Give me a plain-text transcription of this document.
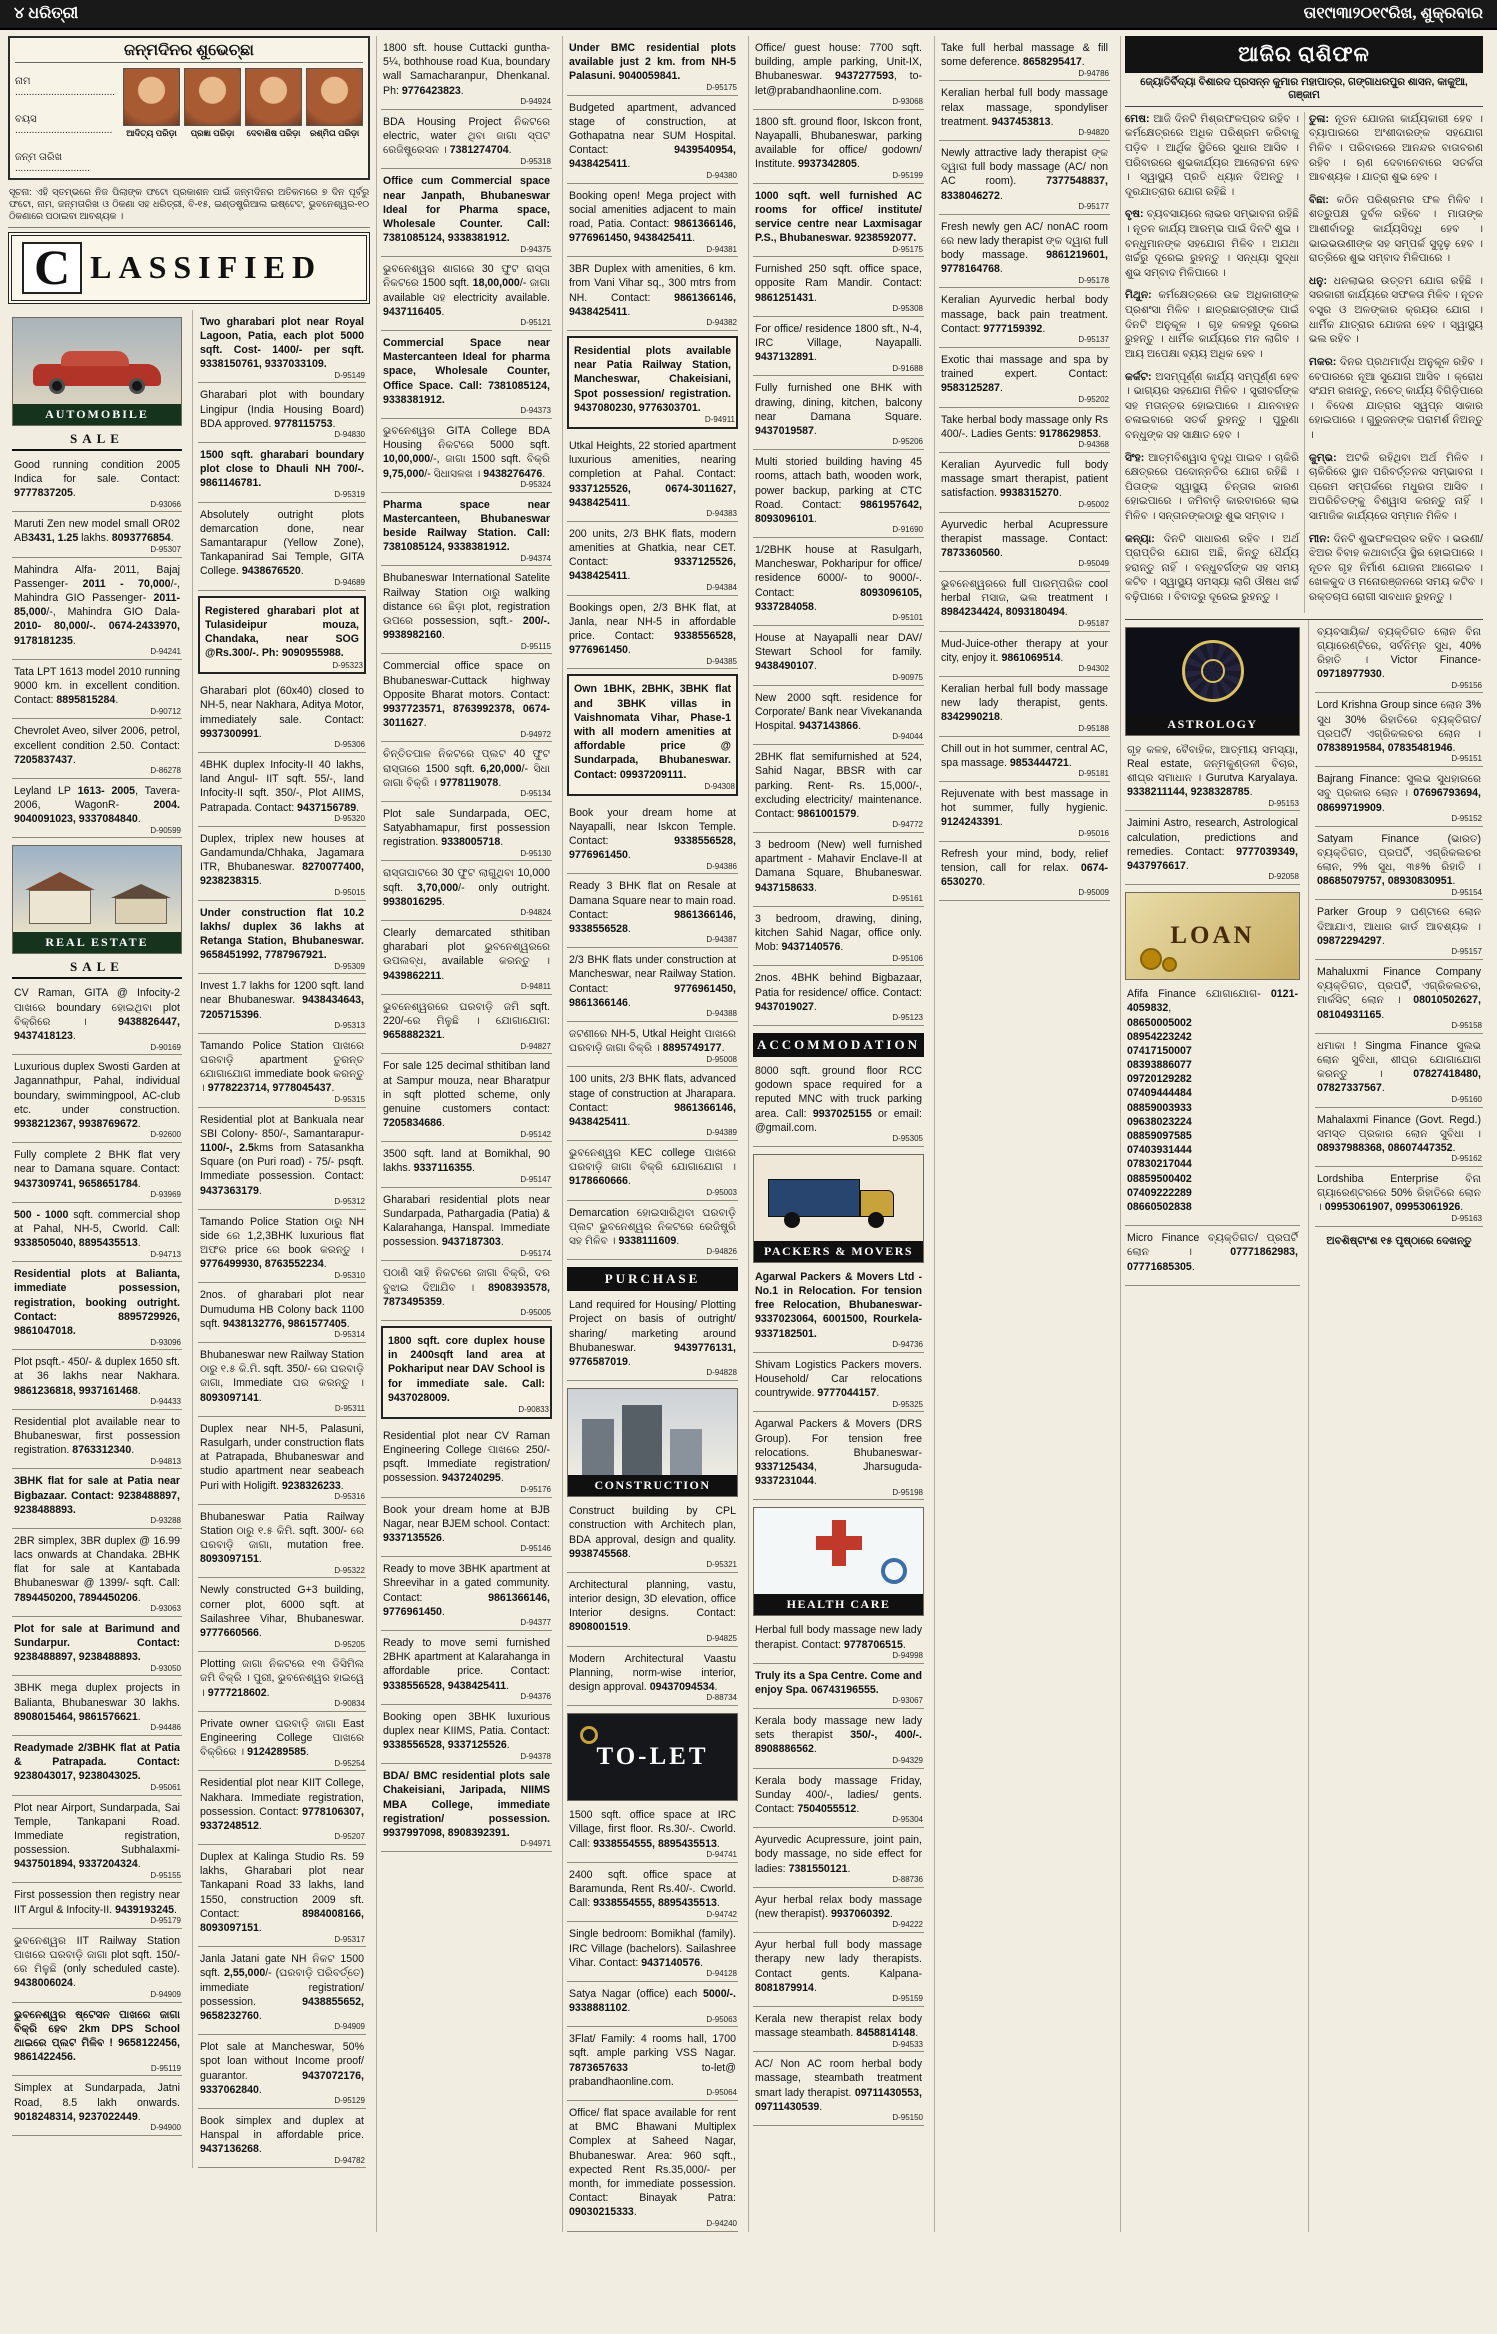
୪ ଧରିତ୍ରୀ	ତା୧୯ା୩ା୨୦୧୯ରିଖ, ଶୁକ୍ରବାର
ଜନ୍ମଦିନର ଶୁଭେଚ୍ଛା
ନାମ ....................................
ବୟସ ...................................
ଜନ୍ମ ତାରିଖ ...........................
ଆଦିତ୍ୟ ପରିଡ଼ା	ପ୍ରଜ୍ଞା ପରିଡ଼ା	ଦେବାଶିଷ ପରିଡ଼ା	ରଶ୍ମିତା ପରିଡ଼ା

ସୂଚନା: ଏହି ସ୍ତମ୍ଭରେ ନିଜ ପିଲାଙ୍କ ଫଟୋ ପ୍ରକାଶନ ପାଇଁ ଜନ୍ମଦିନର ଅତିକମରେ ୭ ଦିନ ପୂର୍ବରୁ ଫଟୋ, ନାମ, ଜନ୍ମତାରିଖ ଓ ଠିକଣା ସହ ଧରିତ୍ରୀ, ବି-୧୫, ଇଣ୍ଡଷ୍ଟ୍ରିଆଲ ଇଷ୍ଟେଟ, ଭୁବନେଶ୍ୱର-୧୦ ଠିକଣାରେ ପଠାଇବା ଆବଶ୍ୟକ ।

C LASSIFIED
AUTOMOBILE
SALE
Good running condition 2005 Indica for sale. Contact: 9777837205.
D-93066
Maruti Zen new model small OR02 AB3431, 1.25 lakhs. 8093776854.
D-95307
Mahindra Alfa- 2011, Bajaj Passenger- 2011 - 70,000/-, Mahindra GIO Passenger- 2011- 85,000/-, Mahindra GIO Dala- 2010- 80,000/-. 0674-2433970, 9178181235.
D-94241
Tata LPT 1613 model 2010 running 9000 km. in excellent condition. Contact: 8895815284.
D-90712
Chevrolet Aveo, silver 2006, petrol, excellent condition 2.50. Contact: 7205837437.
D-86278
Leyland LP 1613- 2005, Tavera- 2006, WagonR- 2004. 9040091023, 9337084840.
D-90599
REAL ESTATE
SALE
CV Raman, GITA @ Infocity-2 ପାଖରେ boundary ହୋଇଥିବା plot ବିକ୍ରିରେ । 9438826447, 9437418123.
D-90169
Luxurious duplex Swosti Garden at Jagannathpur, Pahal, individual boundary, swimmingpool, AC-club etc. under construction. 9938212367, 9938769672.
D-92600
Fully complete 2 BHK flat very near to Damana square. Contact: 9437309741, 9658651784.
D-93969
500 - 1000 sqft. commercial shop at Pahal, NH-5, Cworld. Call: 9338505040, 8895435513.
D-94713
Residential plots at Balianta, immediate possession, registration, booking outright. Contact: 8895729926, 9861047018.
D-93096
Plot psqft.- 450/- & duplex 1650 sft. at 36 lakhs near Nakhara. 9861236818, 9937161468.
D-94433
Residential plot available near to Bhubaneswar, first possession registration. 8763312340.
D-94813
3BHK flat for sale at Patia near Bigbazaar. Contact: 9238488897, 9238488893.
D-93288
2BR simplex, 3BR duplex @ 16.99 lacs onwards at Chandaka. 2BHK flat for sale at Kantabada Bhubaneswar @ 1399/- sqft. Call: 7894450200, 7894450206.
D-93063
Plot for sale at Barimund and Sundarpur. Contact: 9238488897, 9238488893.
D-93050
3BHK mega duplex projects in Balianta, Bhubaneswar 30 lakhs. 8908015464, 9861576621.
D-94486
Readymade 2/3BHK flat at Patia & Patrapada. Contact: 9238043017, 9238043025.
D-95061
Plot near Airport, Sundarpada, Sai Temple, Tankapani Road. Immediate registration, possession. Subhalaxmi- 9437501894, 9337204324.
D-95155
First possession then registry near IIT Argul & Infocity-II. 9439193245.
D-95179
ଭୁବନେଶ୍ୱର IIT Railway Station ପାଖରେ ଘରବାଡ଼ି ଜାଗା plot sqft. 150/- ରେ ମିଳୁଛି (only scheduled caste). 9438006024.
D-94909
ଭୁବନେଶ୍ୱର ଷ୍ଟେସନ ପାଖରେ ଜାଗା ବିକ୍ରି ହେବ 2km DPS School ଥାଇରେ ପ୍ଲଟ ମିଳିବ ! 9658122456, 9861422456.
D-95119
Simplex at Sundarpada, Jatni Road, 8.5 lakh onwards. 9018248314, 9237022449.
D-94900
Two gharabari plot near Royal Lagoon, Patia, each plot 5000 sqft. Cost- 1400/- per sqft. 9338150761, 9337033109.
D-95149
Gharabari plot with boundary Lingipur (India Housing Board) BDA approved. 9778115753.
D-94830
1500 sqft. gharabari boundary plot close to Dhauli NH 700/-. 9861146781.
D-95319
Absolutely outright plots demarcation done, near Samantarapur (Yellow Zone), Tankapanirad Sai Temple, GITA College. 9438676520.
D-94689
Registered gharabari plot at Tulasideipur mouza, Chandaka, near SOG @Rs.300/-. Ph: 9090955988.
D-95323
Gharabari plot (60x40) closed to NH-5, near Nakhara, Aditya Motor, immediately sale. Contact: 9937300991.
D-95306
4BHK duplex Infocity-II 40 lakhs, land Angul- IIT sqft. 55/-, land Infocity-II sqft. 350/-, Plot AIIMS, Patrapada. Contact: 9437156789.
D-95320
Duplex, triplex new houses at Gandamunda/Chhaka, Jagamara ITR, Bhubaneswar. 8270077400, 9238238315.
D-95015
Under construction flat 10.2 lakhs/ duplex 36 lakhs at Retanga Station, Bhubaneswar. 9658451992, 7787967921.
D-95309
Invest 1.7 lakhs for 1200 sqft. land near Bhubaneswar. 9438434643, 7205715396.
D-95313
Tamando Police Station ପାଖରେ ଘରବାଡ଼ି apartment ତୁରନ୍ତ ଯୋଗାଯୋଗ immediate book କରନ୍ତୁ । 9778223714, 9778045437.
D-95315
Residential plot at Bankuala near SBI Colony- 850/-, Samantarapur- 1100/-, 2.5kms from Satasankha Square (on Puri road) - 75/- psqft. Immediate possession. Contact: 9437363179.
D-95312
Tamando Police Station ଠାରୁ NH side ରେ 1,2,3BHK luxurious flat ଅଫର price ରେ book କରନ୍ତୁ । 9776499930, 8763552234.
D-95310
2nos. of gharabari plot near Dumuduma HB Colony back 1100 sqft. 9438132776, 9861577405.
D-95314
Bhubaneswar new Railway Station ଠାରୁ ୧.୫ କି.ମି. sqft. 350/- ରେ ଘରବାଡ଼ି ଜାଗା, Immediate ଘର କରନ୍ତୁ । 8093097141.
D-95311
Duplex near NH-5, Palasuni, Rasulgarh, under construction flats at Patrapada, Bhubaneswar and studio apartment near seabeach Puri with Holigift. 9238326233.
D-95316
Bhubaneswar Patia Railway Station ଠାରୁ ୧.୫ କିମି. sqft. 300/- ରେ ଘରବାଡ଼ି ଜାଗା, mutation free. 8093097151.
D-95322
Newly constructed G+3 building, corner plot, 6000 sqft. at Sailashree Vihar, Bhubaneswar. 9777660566.
D-95205
Plotting ଜାଗା ନିକଟରେ ୧୩ ଡିସିମିଲ ଜମି ବିକ୍ରି । ପୁରୀ, ଭୁବନେଶ୍ୱର ହାଇୱେ । 9777218602.
D-90834
Private owner ଘରବାଡ଼ି ଜାଗା East Engineering College ପାଖରେ ବିକ୍ରିରେ । 9124289585.
D-95254
Residential plot near KIIT College, Nakhara. Immediate registration, possession. Contact: 9778106307, 9337248512.
D-95207
Duplex at Kalinga Studio Rs. 59 lakhs, Gharabari plot near Tankapani Road 33 lakhs, land 1550, construction 2009 sft. Contact: 8984008166, 8093097151.
D-95317
Janla Jatani gate NH ନିକଟ 1500 sqft. 2,55,000/- (ଘରବାଡ଼ି ପରିବର୍ତ୍ତେ) immediate registration/ possession. 9438855652, 9658232760.
D-94909
Plot sale at Mancheswar, 50% spot loan without Income proof/ guarantor. 9437072176, 9337062840.
D-95129
Book simplex and duplex at Hanspal in affordable price. 9437136268.
D-94782
1800 sft. house Cuttacki guntha- 5¼, bothhouse road Kua, boundary wall Samacharanpur, Dhenkanal. Ph: 9776423823.
D-94924
BDA Housing Project ନିକଟରେ electric, water ଥିବା ଜାଗା ସ୍ପଟ ରେଜିଷ୍ଟ୍ରେସନ । 7381274704.
D-95318
Office cum Commercial space near Janpath, Bhubaneswar Ideal for Pharma space, Wholesale Counter. Call: 7381085124, 9338381912.
D-94375
ଭୁବନେଶ୍ୱର ଶାଗରେ 30 ଫୁଟ ରାସ୍ତା ନିକଟରେ 1500 sqft. 18,00,000/- ଜାଗା available ସହ electricity available. 9437116405.
D-95121
Commercial Space near Mastercanteen Ideal for pharma space, Wholesale Counter, Office Space. Call: 7381085124, 9338381912.
D-94373
ଭୁବନେଶ୍ୱର GITA College BDA Housing ନିକଟରେ 5000 sqft. 10,00,000/-, ଜାଗା 1500 sqft. ବିକ୍ରି 9,75,000/- ସିଧାସଳଖ । 9438276476.
D-95324
Pharma space near Mastercanteen, Bhubaneswar beside Railway Station. Call: 7381085124, 9338381912.
D-94374
Bhubaneswar International Satelite Railway Station ଠାରୁ walking distance ରେ ଛିଡ଼ା plot, registration ଉପରେ possession, sqft.- 200/-. 9938982160.
D-95115
Commercial office space on Bhubaneswar-Cuttack highway Opposite Bharat motors. Contact: 9937723571, 8763992378, 0674-3011627.
D-94972
ଚିନ୍ତିତପାଳ ନିକଟରେ ପ୍ଲଟ 40 ଫୁଟ ରାସ୍ତାରେ 1500 sqft. 6,20,000/- ସିଧା ଜାଗା ବିକ୍ରି । 9778119078.
D-95134
Plot sale Sundarpada, OEC, Satyabhamapur, first possession registration. 9338005718.
D-95130
ରାସ୍ତାଘାଟରେ 30 ଫୁଟ ଲାଗୁଥିବା 10,000 sqft. 3,70,000/- only outright. 9938016295.
D-94824
Clearly demarcated sthitiban gharabari plot ଭୁବନେଶ୍ୱରରେ ଉପଲବ୍ଧ, available କରନ୍ତୁ । 9439862211.
D-94811
ଭୁବନେଶ୍ୱରରେ ଘରବାଡ଼ି ଜମି sqft. 220/-ରେ ମିଳୁଛି । ଯୋଗାଯୋଗ: 9658882321.
D-94827
For sale 125 decimal sthitiban land at Sampur mouza, near Bharatpur in sqft plotted scheme, only genuine customers contact: 7205834686.
D-95142
3500 sqft. land at Bomikhal, 90 lakhs. 9337116355.
D-95147
Gharabari residential plots near Sundarpada, Pathargadia (Patia) & Kalarahanga, Hanspal. Immediate possession. 9437187303.
D-95174
ପଠାଣି ସାହି ନିକଟରେ ଜାଗା ବିକ୍ରି, ଦର ବୁଝାଇ ଦିଆଯିବ । 8908393578, 7873495359.
D-95005
1800 sqft. core duplex house in 2400sqft land area at Pokhariput near DAV School is for immediate sale. Call: 9437028009.
D-90833
Residential plot near CV Raman Engineering College ପାଖରେ 250/- psqft. Immediate registration/ possession. 9437240295.
D-95176
Book your dream home at BJB Nagar, near BJEM school. Contact: 9337135526.
D-95146
Ready to move 3BHK apartment at Shreevihar in a gated community. Contact: 9861366146, 9776961450.
D-94377
Ready to move semi furnished 2BHK apartment at Kalarahanga in affordable price. Contact: 9338556528, 9438425411.
D-94376
Booking open 3BHK luxurious duplex near KIIMS, Patia. Contact: 9338556528, 9337125526.
D-94378
BDA/ BMC residential plots sale Chakeisiani, Jaripada, NIIMS MBA College, immediate registration/ possession. 9937997098, 8908392391.
D-94971
Under BMC residential plots available just 2 km. from NH-5 Palasuni. 9040059841.
D-95175
Budgeted apartment, advanced stage of construction, at Gothapatna near SUM Hospital. Contact: 9439540954, 9438425411.
D-94380
Booking open! Mega project with social amenities adjacent to main road, Patia. Contact: 9861366146, 9776961450, 9438425411.
D-94381
3BR Duplex with amenities, 6 km. from Vani Vihar sq., 300 mtrs from NH. Contact: 9861366146, 9438425411.
D-94382
Residential plots available near Patia Railway Station, Mancheswar, Chakeisiani, Spot possession/ registration. 9437080230, 9776303701.
D-94911
Utkal Heights, 22 storied apartment luxurious amenities, nearing completion at Pahal. Contact: 9337125526, 0674-3011627, 9438425411.
D-94383
200 units, 2/3 BHK flats, modern amenities at Ghatkia, near CET. Contact: 9337125526, 9438425411.
D-94384
Bookings open, 2/3 BHK flat, at Janla, near NH-5 in affordable price. Contact: 9338556528, 9776961450.
D-94385
Own 1BHK, 2BHK, 3BHK flat and 3BHK villas in Vaishnomata Vihar, Phase-1 with all modern amenities at affordable price @ Sundarpada, Bhubaneswar. Contact: 09937209111.
D-94308
Book your dream home at Nayapalli, near Iskcon Temple. Contact: 9338556528, 9776961450.
D-94386
Ready 3 BHK flat on Resale at Damana Square near to main road. Contact: 9861366146, 9338556528.
D-94387
2/3 BHK flats under construction at Mancheswar, near Railway Station. Contact: 9776961450, 9861366146.
D-94388
ଜଟଣୀରେ NH-5, Utkal Height ପାଖରେ ଘରବାଡ଼ି ଜାଗା ବିକ୍ରି । 8895749177.
D-95008
100 units, 2/3 BHK flats, advanced stage of construction at Jharapara. Contact: 9861366146, 9438425411.
D-94389
ଭୁବନେଶ୍ୱର KEC college ପାଖରେ ଘରବାଡ଼ି ଜାଗା ବିକ୍ରି ଯୋଗାଯୋଗ । 9178660666.
D-95003
Demarcation ହୋଇସାରିଥିବା ଘରବାଡ଼ି ପ୍ଲଟ ଭୁବନେଶ୍ୱର ନିକଟରେ ରେଜିଷ୍ଟ୍ରି ସହ ମିଳିବ । 9338111609.
D-94826
PURCHASE
Land required for Housing/ Plotting Project on basis of outright/ sharing/ marketing around Bhubaneswar. 9439776131, 9776587019.
D-94828
CONSTRUCTION
Construct building by CPL construction with Architech plan, BDA approval, design and quality. 9938745568.
D-95321
Architectural planning, vastu, interior design, 3D elevation, office Interior designs. Contact: 8908001519.
D-94825
Modern Architectural Vaastu Planning, norm-wise interior, design approval. 09437094534.
D-88734
TO-LET
1500 sqft. office space at IRC Village, first floor. Rs.30/-. Cworld. Call: 9338554555, 8895435513.
D-94741
2400 sqft. office space at Baramunda, Rent Rs.40/-. Cworld. Call: 9338554555, 8895435513.
D-94742
Single bedroom: Bomikhal (family). IRC Village (bachelors). Sailashree Vihar. Contact: 9437140576.
D-94128
Satya Nagar (office) each 5000/-. 9338881102.
D-95063
3Flat/ Family: 4 rooms hall, 1700 sqft. ample parking VSS Nagar. 7873657633 to-let@ prabandhaonline.com.
D-95064
Office/ flat space available for rent at BMC Bhawani Multiplex Complex at Saheed Nagar, Bhubaneswar. Area: 960 sqft., expected Rent Rs.35,000/- per month, for immediate possession. Contact: Binayak Patra: 09030215333.
D-94240
Office/ guest house: 7700 sqft. building, ample parking, Unit-IX, Bhubaneswar. 9437277593, to-let@prabandhaonline.com.
D-93068
1800 sft. ground floor, Iskcon front, Nayapalli, Bhubaneswar, parking available for office/ godown/ Institute. 9937342805.
D-95199
1000 sqft. well furnished AC rooms for office/ institute/ service centre near Laxmisagar P.S., Bhubaneswar. 9238592077.
D-95175
Furnished 250 sqft. office space, opposite Ram Mandir. Contact: 9861251431.
D-95308
For office/ residence 1800 sft., N-4, IRC Village, Nayapalli. 9437132891.
D-91688
Fully furnished one BHK with drawing, dining, kitchen, balcony near Damana Square. 9437019587.
D-95206
Multi storied building having 45 rooms, attach bath, wooden work, power backup, parking at CTC Road. Contact: 9861957642, 8093096101.
D-91690
1/2BHK house at Rasulgarh, Mancheswar, Pokharipur for office/ residence 6000/- to 9000/-. Contact: 8093096105, 9337284058.
D-95101
House at Nayapalli near DAV/ Stewart School for family. 9438490107.
D-90975
New 2000 sqft. residence for Corporate/ Bank near Vivekananda Hospital. 9437143866.
D-94044
2BHK flat semifurnished at 524, Sahid Nagar, BBSR with car parking. Rent- Rs. 15,000/-, excluding electricity/ maintenance. Contact: 9861001579.
D-94772
3 bedroom (New) well furnished apartment - Mahavir Enclave-II at Damana Square, Bhubaneswar. 9437158633.
D-95161
3 bedroom, drawing, dining, kitchen Sahid Nagar, office only. Mob: 9437140576.
D-95106
2nos. 4BHK behind Bigbazaar, Patia for residence/ office. Contact: 9437019027.
D-95123
ACCOMMODATION
8000 sqft. ground floor RCC godown space required for a reputed MNC with truck parking area. Call: 9937025155 or email: @gmail.com.
D-95305
PACKERS & MOVERS
Agarwal Packers & Movers Ltd - No.1 in Relocation. For tension free Relocation, Bhubaneswar- 9337023064, 6001500, Rourkela- 9337182501.
D-94736
Shivam Logistics Packers movers. Household/ Car relocations countrywide. 9777044157.
D-95325
Agarwal Packers & Movers (DRS Group). For tension free relocations. Bhubaneswar- 9337125434, Jharsuguda- 9337231044.
D-95198
HEALTH CARE
Herbal full body massage new lady therapist. Contact: 9778706515.
D-94998
Truly its a Spa Centre. Come and enjoy Spa. 06743196555.
D-93067
Kerala body massage new lady sets therapist 350/-, 400/-. 8908886562.
D-94329
Kerala body massage Friday, Sunday 400/-, ladies/ gents. Contact: 7504055512.
D-95304
Ayurvedic Acupressure, joint pain, body massage, no side effect for ladies: 7381550121.
D-88736
Ayur herbal relax body massage (new therapist). 9937060392.
D-94222
Ayur herbal full body massage therapy new lady therapists. Contact gents. Kalpana- 8081879914.
D-95159
Kerala new therapist relax body massage steambath. 8458814148.
D-94533
AC/ Non AC room herbal body massage, steambath treatment smart lady therapist. 09711430553, 09711430539.
D-95150
Take full herbal massage & fill some deference. 8658295417.
D-94786
Keralian herbal full body massage relax massage, spondyliser treatment. 9437453813.
D-94820
Newly attractive lady therapist ଙ୍କ ଦ୍ୱାରା full body massage (AC/ non AC room). 7377548837, 8338046272.
D-95177
Fresh newly gen AC/ nonAC room ରେ new lady therapist ଙ୍କ ଦ୍ୱାରା full body massage. 9861219601, 9778164768.
D-95178
Keralian Ayurvedic herbal body massage, back pain treatment. Contact: 9777159392.
D-95137
Exotic thai massage and spa by trained expert. Contact: 9583125287.
D-95202
Take herbal body massage only Rs 400/-. Ladies Gents: 9178629853.
D-94368
Keralian Ayurvedic full body massage smart therapist, patient satisfaction. 9938315270.
D-95002
Ayurvedic herbal Acupressure therapist massage. Contact: 7873360560.
D-95049
ଭୁବନେଶ୍ୱରରେ full ପାରମ୍ପରିକ cool herbal ମସାଜ, ଭଲ treatment । 8984234424, 8093180494.
D-95187
Mud-Juice-other therapy at your city, enjoy it. 9861069514.
D-94302
Keralian herbal full body massage new lady therapist, gents. 8342990218.
D-95188
Chill out in hot summer, central AC, spa massage. 9853444721.
D-95181
Rejuvenate with best massage in hot summer, fully hygienic. 9124243391.
D-95016
Refresh your mind, body, relief tension, call for relax. 0674-6530270.
D-95009
ଆଜିର ରାଶିଫଳ
ଜ୍ୟୋତିର୍ବିଦ୍ୟା ବିଶାରଦ ପ୍ରସନ୍ନ କୁମାର ମହାପାତ୍ର, ଗଙ୍ଗାଧରପୁର ଶାସନ, କାକୁଆ, ଗଞ୍ଜାମ
ମେଷ: ଆଜି ଦିନଟି ମିଶ୍ରଫଳପ୍ରଦ ରହିବ । କର୍ମକ୍ଷେତ୍ରରେ ଅଧିକ ପରିଶ୍ରମ କରିବାକୁ ପଡ଼ିବ । ଆର୍ଥିକ ସ୍ଥିତିରେ ସୁଧାର ଆସିବ । ପରିବାରରେ ଶୁଭକାର୍ଯ୍ୟର ଆଲୋଚନା ହେବ । ସ୍ୱାସ୍ଥ୍ୟ ପ୍ରତି ଧ୍ୟାନ ଦିଅନ୍ତୁ । ଦୂରଯାତ୍ରାର ଯୋଗ ରହିଛି ।
ବୃଷ: ବ୍ୟବସାୟରେ ଲାଭର ସମ୍ଭାବନା ରହିଛି । ନୂତନ କାର୍ଯ୍ୟ ଆରମ୍ଭ ପାଇଁ ଦିନଟି ଶୁଭ । ବନ୍ଧୁମାନଙ୍କ ସହଯୋଗ ମିଳିବ । ଅଯଥା ଖର୍ଚ୍ଚରୁ ଦୂରେଇ ରୁହନ୍ତୁ । ସନ୍ଧ୍ୟା ସୁଦ୍ଧା ଶୁଭ ସମ୍ବାଦ ମିଳିପାରେ ।
ମିଥୁନ: କର୍ମକ୍ଷେତ୍ରରେ ଉଚ୍ଚ ଅଧିକାରୀଙ୍କ ପ୍ରଶଂସା ମିଳିବ । ଛାତ୍ରଛାତ୍ରୀଙ୍କ ପାଇଁ ଦିନଟି ଅନୁକୂଳ । ଗୃହ କଳହରୁ ଦୂରେଇ ରୁହନ୍ତୁ । ଧାର୍ମିକ କାର୍ଯ୍ୟରେ ମନ ଲାଗିବ । ଆୟ ଅପେକ୍ଷା ବ୍ୟୟ ଅଧିକ ହେବ ।
କର୍କଟ: ଅସମ୍ପୂର୍ଣ୍ଣ କାର୍ଯ୍ୟ ସମ୍ପୂର୍ଣ୍ଣ ହେବ । ଭାଗ୍ୟର ସହଯୋଗ ମିଳିବ । ସ୍ତ୍ରୀବର୍ଗଙ୍କ ସହ ମତାନ୍ତର ହୋଇପାରେ । ଯାନବାହନ ଚଳାଇବାରେ ସତର୍କ ରୁହନ୍ତୁ । ପୁରୁଣା ବନ୍ଧୁଙ୍କ ସହ ସାକ୍ଷାତ ହେବ ।
ସିଂହ: ଆତ୍ମବିଶ୍ୱାସ ବୃଦ୍ଧି ପାଇବ । ଚାକିରି କ୍ଷେତ୍ରରେ ପଦୋନ୍ନତିର ଯୋଗ ରହିଛି । ପିତାଙ୍କ ସ୍ୱାସ୍ଥ୍ୟ ଚିନ୍ତାର କାରଣ ହୋଇପାରେ । ଜମିବାଡ଼ି କାରବାରରେ ଲାଭ ମିଳିବ । ସନ୍ତାନଙ୍କଠାରୁ ଶୁଭ ସମ୍ବାଦ ।
କନ୍ୟା: ଦିନଟି ସାଧାରଣ ରହିବ । ଅର୍ଥ ପ୍ରାପ୍ତିର ଯୋଗ ଅଛି, କିନ୍ତୁ ଧୈର୍ଯ୍ୟ ହରାନ୍ତୁ ନାହିଁ । ବନ୍ଧୁବର୍ଗଙ୍କ ସହ ସମୟ କଟିବ । ସ୍ୱାସ୍ଥ୍ୟ ସମସ୍ୟା ଲାଗି ଔଷଧ ଖର୍ଚ୍ଚ ବଢ଼ିପାରେ । ବିବାଦରୁ ଦୂରେଇ ରୁହନ୍ତୁ ।
ତୁଳା: ନୂତନ ଯୋଜନା କାର୍ଯ୍ୟକାରୀ ହେବ । ବ୍ୟାପାରରେ ଅଂଶୀଦାରଙ୍କ ସହଯୋଗ ମିଳିବ । ପରିବାରରେ ଆନନ୍ଦର ବାତାବରଣ ରହିବ । ଋଣ ଦେବାନେବାରେ ସତର୍କତା ଆବଶ୍ୟକ । ଯାତ୍ରା ଶୁଭ ହେବ ।
ବିଛା: କଠିନ ପରିଶ୍ରମର ଫଳ ମିଳିବ । ଶତ୍ରୁପକ୍ଷ ଦୁର୍ବଳ ରହିବେ । ମାତାଙ୍କ ଆଶୀର୍ବାଦରୁ କାର୍ଯ୍ୟସିଦ୍ଧି ହେବ । ଭାଇଭଉଣୀଙ୍କ ସହ ସମ୍ପର୍କ ସୁଦୃଢ଼ ହେବ । ରାତ୍ରିରେ ଶୁଭ ସମ୍ବାଦ ମିଳିପାରେ ।
ଧନୁ: ଧନଲାଭର ଉତ୍ତମ ଯୋଗ ରହିଛି । ସରକାରୀ କାର୍ଯ୍ୟରେ ସଫଳତା ମିଳିବ । ନୂତନ ବସ୍ତ୍ର ଓ ଅଳଙ୍କାର କ୍ରୟର ଯୋଗ । ଧାର୍ମିକ ଯାତ୍ରାର ଯୋଜନା ହେବ । ସ୍ୱାସ୍ଥ୍ୟ ଭଲ ରହିବ ।
ମକର: ଦିନର ପ୍ରଥମାର୍ଦ୍ଧ ଅନୁକୂଳ ରହିବ । ବେପାରରେ ନୂଆ ସୁଯୋଗ ଆସିବ । କ୍ରୋଧ ସଂଯମ ରଖନ୍ତୁ, ନଚେତ୍ କାର୍ଯ୍ୟ ବିଗିଡ଼ିପାରେ । ବିଦେଶ ଯାତ୍ରାର ସ୍ୱପ୍ନ ସାକାର ହୋଇପାରେ । ଗୁରୁଜନଙ୍କ ପରାମର୍ଶ ନିଅନ୍ତୁ ।
କୁମ୍ଭ: ଅଟକି ରହିଥିବା ଅର୍ଥ ମିଳିବ । ଚାକିରିରେ ସ୍ଥାନ ପରିବର୍ତ୍ତନର ସମ୍ଭାବନା । ପ୍ରେମ ସମ୍ପର୍କରେ ମଧୁରତା ଆସିବ । ଅପରିଚିତଙ୍କୁ ବିଶ୍ୱାସ କରନ୍ତୁ ନାହିଁ । ସାମାଜିକ କାର୍ଯ୍ୟରେ ସମ୍ମାନ ମିଳିବ ।
ମୀନ: ଦିନଟି ଶୁଭଫଳପ୍ରଦ ରହିବ । ଭଉଣୀ/ଝିଅର ବିବାହ କଥାବାର୍ତ୍ତା ସ୍ଥିର ହୋଇପାରେ । ନୂତନ ଗୃହ ନିର୍ମାଣ ଯୋଜନା ଆଗେଇବ । ଖେଳକୁଦ ଓ ମନୋରଞ୍ଜନରେ ସମୟ କଟିବ । ରକ୍ତଚାପ ରୋଗୀ ସାବଧାନ ରୁହନ୍ତୁ ।
ASTROLOGY
ଗୃହ କଳହ, ବୈବାହିକ, ଆତ୍ମୀୟ ସମସ୍ୟା, Real estate, ଜନ୍ମକୁଣ୍ଡଳୀ ବିଚାର, ଶୀଘ୍ର ସମାଧାନ । Gurutva Karyalaya. 9338211144, 9238328785.
D-95153
Jaimini Astro, research, Astrological calculation, predictions and remedies. Contact: 9777039349, 9437976617.
D-92058
LOAN
Afifa Finance ଯୋଗାଯୋଗ- 0121-4059832,

08650005002
08954223242
07417150007
08393886077
09720129282
07409444484
08859003933
09638023224
08859097585
07403931444
07830217044
08859500402
07409222289
08660502838
Micro Finance ବ୍ୟକ୍ତିଗତ/ ପ୍ରପର୍ଟି ଲୋନ । 07771862983, 07771685305.
ବ୍ୟବସାୟିକ/ ବ୍ୟକ୍ତିଗତ ଲୋନ ବିନା ଗ୍ୟାରେଣ୍ଟିରେ, ସର୍ବନିମ୍ନ ସୁଧ, 40% ରିହାତି । Victor Finance- 09718977930.
D-95156
Lord Krishna Group since ଲୋନ 3% ସୁଧ 30% ରିହାତିରେ ବ୍ୟକ୍ତିଗତ/ ପ୍ରପର୍ଟି/ ଏଗ୍ରିକଲଚର ଲୋନ । 07838919584, 07835481946.
D-95151
Bajrang Finance: ସୁଲଭ ସୁଧହାରରେ ସବୁ ପ୍ରକାର ଲୋନ । 07696793694, 08699719909.
D-95152
Satyam Finance (ଭାରତ) ବ୍ୟକ୍ତିଗତ, ପ୍ରପର୍ଟି, ଏଗ୍ରିକଲଚର ଲୋନ, ୨% ସୁଧ, ୩୫% ରିହାତି । 08685079757, 08930830951.
D-95154
Parker Group ୨ ଘଣ୍ଟାରେ ଲୋନ ଦିଆଯାଏ, ଆଧାର କାର୍ଡ ଆବଶ୍ୟକ । 09872294297.
D-95157
Mahaluxmi Finance Company ବ୍ୟକ୍ତିଗତ, ପ୍ରପର୍ଟି, ଏଗ୍ରିକଲଚର, ମାର୍କସିଟ୍ ଲୋନ । 08010502627, 08104931165.
D-95158
ଧମାକା ! Singma Finance ସୁଲଭ ଲୋନ ସୁବିଧା, ଶୀଘ୍ର ଯୋଗାଯୋଗ କରନ୍ତୁ । 07827418480, 07827337567.
D-95160
Mahalaxmi Finance (Govt. Regd.) ସମସ୍ତ ପ୍ରକାର ଲୋନ ସୁବିଧା । 08937988368, 08607447352.
D-95162
Lordshiba Enterprise ବିନା ଗ୍ୟାରେଣ୍ଟରରେ 50% ରିହାତିରେ ଲୋନ । 09953061907, 09953061926.
D-95163
ଅବଶିଷ୍ଟାଂଶ ୧୫ ପୃଷ୍ଠାରେ ଦେଖନ୍ତୁ
